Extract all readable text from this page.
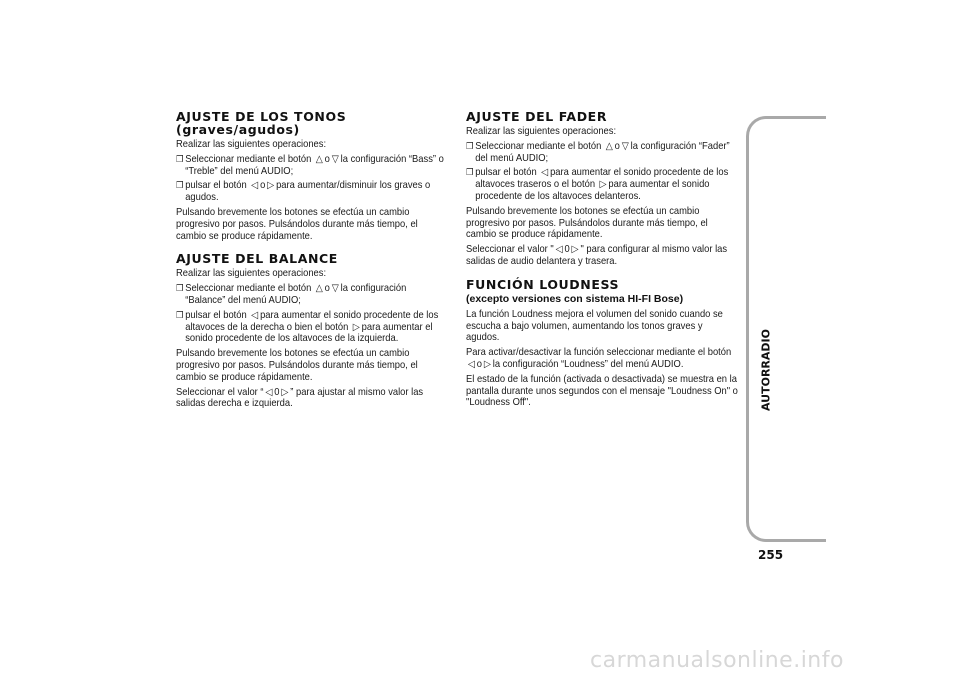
AJUSTE DE LOS TONOS
(graves/agudos)

Realizar las siguientes operaciones:

❒ Seleccionar mediante el botón △ o ▽ la configuración “Bass” o “Treble” del menú AUDIO;
❒ pulsar el botón ◁ o ▷ para aumentar/disminuir los graves o agudos.

Pulsando brevemente los botones se efectúa un cambio progresivo por pasos. Pulsándolos durante más tiempo, el cambio se produce rápidamente.

AJUSTE DEL BALANCE

Realizar las siguientes operaciones:

❒ Seleccionar mediante el botón △ o ▽ la configuración “Balance” del menú AUDIO;
❒ pulsar el botón ◁ para aumentar el sonido procedente de los altavoces de la derecha o bien el botón ▷ para aumentar el sonido procedente de los altavoces de la izquierda.

Pulsando brevemente los botones se efectúa un cambio progresivo por pasos. Pulsándolos durante más tiempo, el cambio se produce rápidamente.

Seleccionar el valor “ ◁ 0 ▷ ” para ajustar al mismo valor las salidas derecha e izquierda.

AJUSTE DEL FADER

Realizar las siguientes operaciones:

❒ Seleccionar mediante el botón △ o ▽ la configuración “Fader” del menú AUDIO;
❒ pulsar el botón ◁ para aumentar el sonido procedente de los altavoces traseros o el botón ▷ para aumentar el sonido procedente de los altavoces delanteros.

Pulsando brevemente los botones se efectúa un cambio progresivo por pasos. Pulsándolos durante más tiempo, el cambio se produce rápidamente.

Seleccionar el valor " ◁ 0 ▷ " para configurar al mismo valor las salidas de audio delantera y trasera.

FUNCIÓN LOUDNESS
(excepto versiones con sistema HI-FI Bose)

La función Loudness mejora el volumen del sonido cuando se escucha a bajo volumen, aumentando los tonos graves y agudos.

Para activar/desactivar la función seleccionar mediante el botón ◁ o ▷ la configuración “Loudness” del menú AUDIO.

El estado de la función (activada o desactivada) se muestra en la pantalla durante unos segundos con el mensaje "Loudness On" o "Loudness Off".	AUTORRADIO
255
carmanualsonline.info
